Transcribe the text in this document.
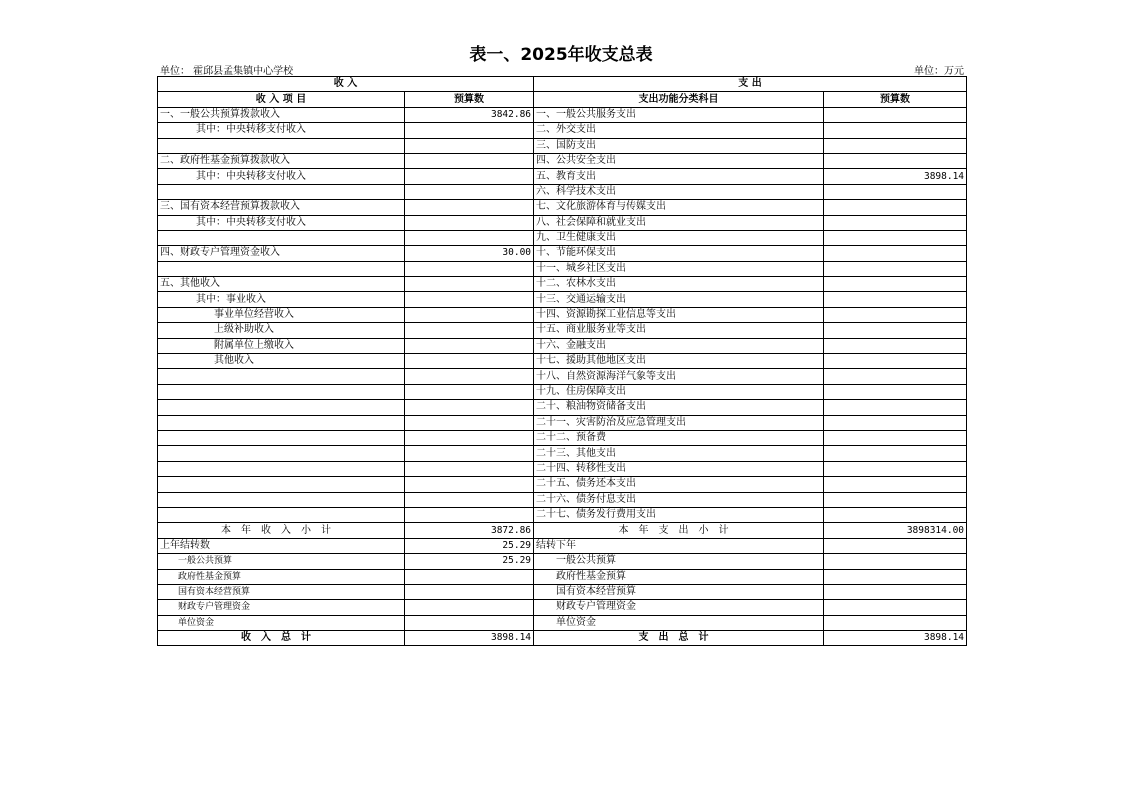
表一、2025年收支总表
单位： 霍邱县孟集镇中心学校	单位：万元
收 入		支 出	
收 入 项 目	预算数	支出功能分类科目	预算数
一、一般公共预算拨款收入	3842.86	一、一般公共服务支出	
其中：中央转移支付收入		二、外交支出	
		三、国防支出	
二、政府性基金预算拨款收入		四、公共安全支出	
其中：中央转移支付收入		五、教育支出	3898.14
		六、科学技术支出	
三、国有资本经营预算拨款收入		七、文化旅游体育与传媒支出	
其中：中央转移支付收入		八、社会保障和就业支出	
		九、卫生健康支出	
四、财政专户管理资金收入	30.00	十、节能环保支出	
		十一、城乡社区支出	
五、其他收入		十二、农林水支出	
其中：事业收入		十三、交通运输支出	
事业单位经营收入		十四、资源勘探工业信息等支出	
上级补助收入		十五、商业服务业等支出	
附属单位上缴收入		十六、金融支出	
其他收入		十七、援助其他地区支出	
		十八、自然资源海洋气象等支出	
		十九、住房保障支出	
		二十、粮油物资储备支出	
		二十一、灾害防治及应急管理支出	
		二十二、预备费	
		二十三、其他支出	
		二十四、转移性支出	
		二十五、债务还本支出	
		二十六、债务付息支出	
		二十七、债务发行费用支出	
本年收入小计	3872.86	本年支出小计	3898314.00
上年结转数	25.29	结转下年	
一般公共预算	25.29	一般公共预算	
政府性基金预算		政府性基金预算	
国有资本经营预算		国有资本经营预算	
财政专户管理资金		财政专户管理资金	
单位资金		单位资金	
收入总计	3898.14	支出总计	3898.14
